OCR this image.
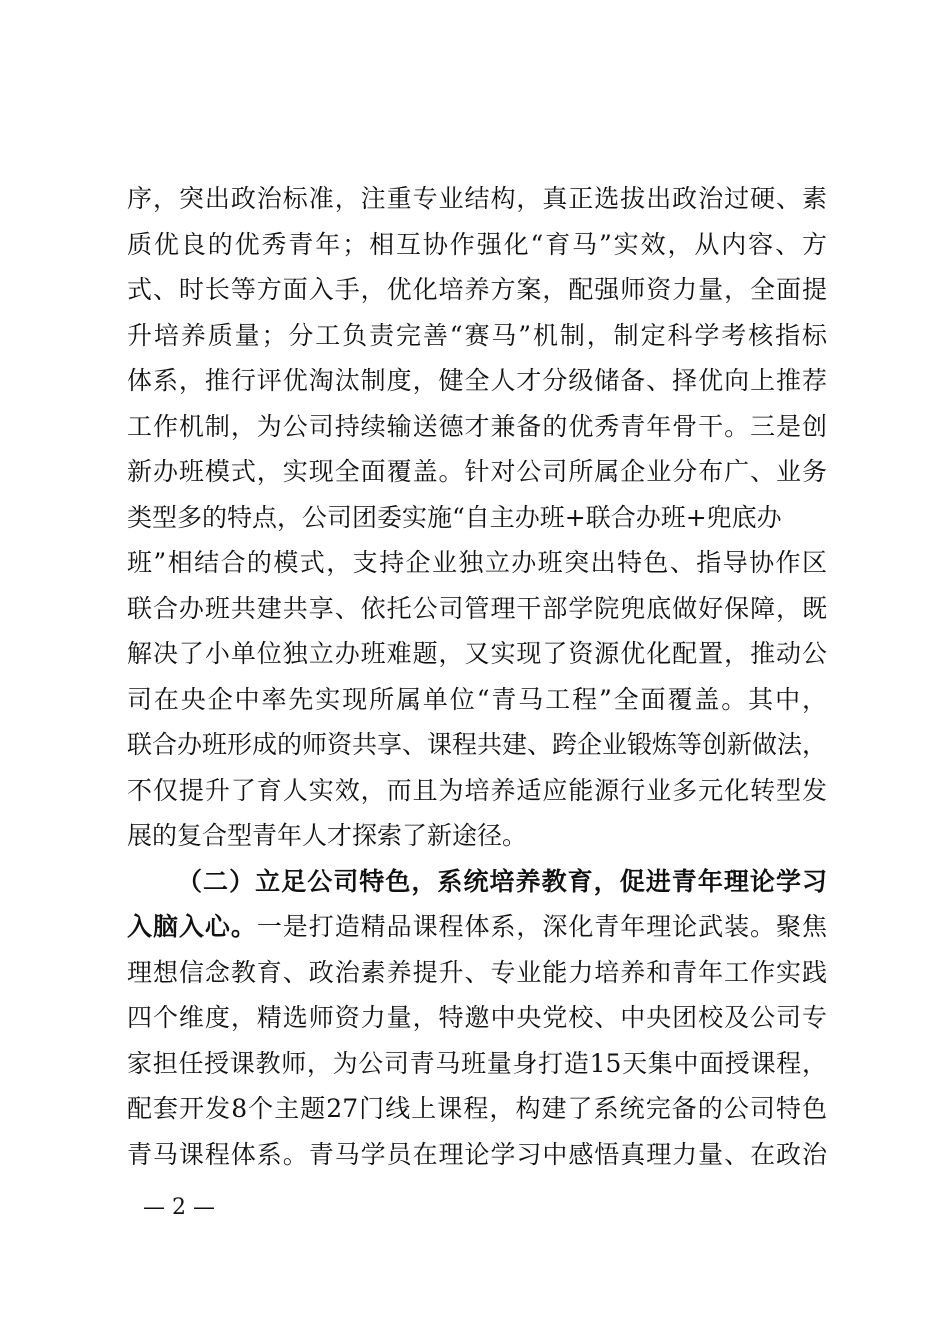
序，突出政治标准，注重专业结构，真正选拔出政治过硬、素
质优良的优秀青年；相互协作强化“育马”实效，从内容、方
式、时长等方面入手，优化培养方案，配强师资力量，全面提
升培养质量；分工负责完善“赛马”机制，制定科学考核指标
体系，推行评优淘汰制度，健全人才分级储备、择优向上推荐
工作机制，为公司持续输送德才兼备的优秀青年骨干。三是创
新办班模式，实现全面覆盖。针对公司所属企业分布广、业务
类型多的特点，公司团委实施“自主办班+联合办班+兜底办
班”相结合的模式，支持企业独立办班突出特色、指导协作区
联合办班共建共享、依托公司管理干部学院兜底做好保障，既
解决了小单位独立办班难题，又实现了资源优化配置，推动公
司在央企中率先实现所属单位“青马工程”全面覆盖。其中，
联合办班形成的师资共享、课程共建、跨企业锻炼等创新做法，
不仅提升了育人实效，而且为培养适应能源行业多元化转型发
展的复合型青年人才探索了新途径。
（二）立足公司特色，系统培养教育，促进青年理论学习
入脑入心。一是打造精品课程体系，深化青年理论武装。聚焦
理想信念教育、政治素养提升、专业能力培养和青年工作实践
四个维度，精选师资力量，特邀中央党校、中央团校及公司专
家担任授课教师，为公司青马班量身打造15天集中面授课程，
配套开发8个主题27门线上课程，构建了系统完备的公司特色
青马课程体系。青马学员在理论学习中感悟真理力量、在政治
— 2 —
